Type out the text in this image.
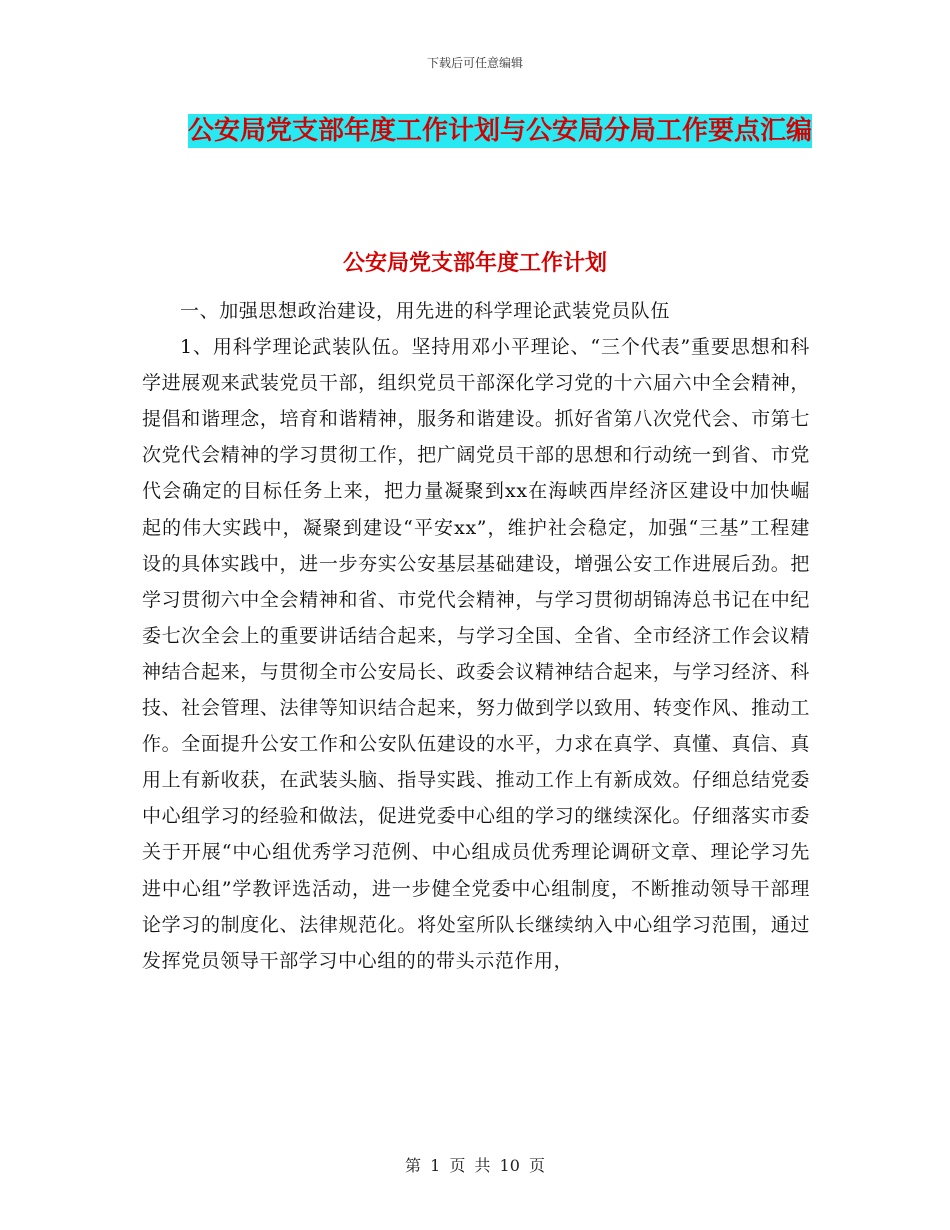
下载后可任意编辑
公安局党支部年度工作计划与公安局分局工作要点汇编
公安局党支部年度工作计划

一、加强思想政治建设，用先进的科学理论武装党员队伍

1、用科学理论武装队伍。坚持用邓小平理论、“三个代表”重要思想和科学进展观来武装党员干部，组织党员干部深化学习党的十六届六中全会精神，提倡和谐理念，培育和谐精神，服务和谐建设。抓好省第八次党代会、市第七次党代会精神的学习贯彻工作，把广阔党员干部的思想和行动统一到省、市党代会确定的目标任务上来，把力量凝聚到xx在海峡西岸经济区建设中加快崛起的伟大实践中，凝聚到建设“平安xx”，维护社会稳定，加强“三基”工程建设的具体实践中，进一步夯实公安基层基础建设，增强公安工作进展后劲。把学习贯彻六中全会精神和省、市党代会精神，与学习贯彻胡锦涛总书记在中纪委七次全会上的重要讲话结合起来，与学习全国、全省、全市经济工作会议精神结合起来，与贯彻全市公安局长、政委会议精神结合起来，与学习经济、科技、社会管理、法律等知识结合起来，努力做到学以致用、转变作风、推动工作。全面提升公安工作和公安队伍建设的水平，力求在真学、真懂、真信、真用上有新收获，在武装头脑、指导实践、推动工作上有新成效。仔细总结党委中心组学习的经验和做法，促进党委中心组的学习的继续深化。仔细落实市委关于开展“中心组优秀学习范例、中心组成员优秀理论调研文章、理论学习先进中心组”学教评选活动，进一步健全党委中心组制度，不断推动领导干部理论学习的制度化、法律规范化。将处室所队长继续纳入中心组学习范围，通过发挥党员领导干部学习中心组的的带头示范作用，

第 1 页 共 10 页
